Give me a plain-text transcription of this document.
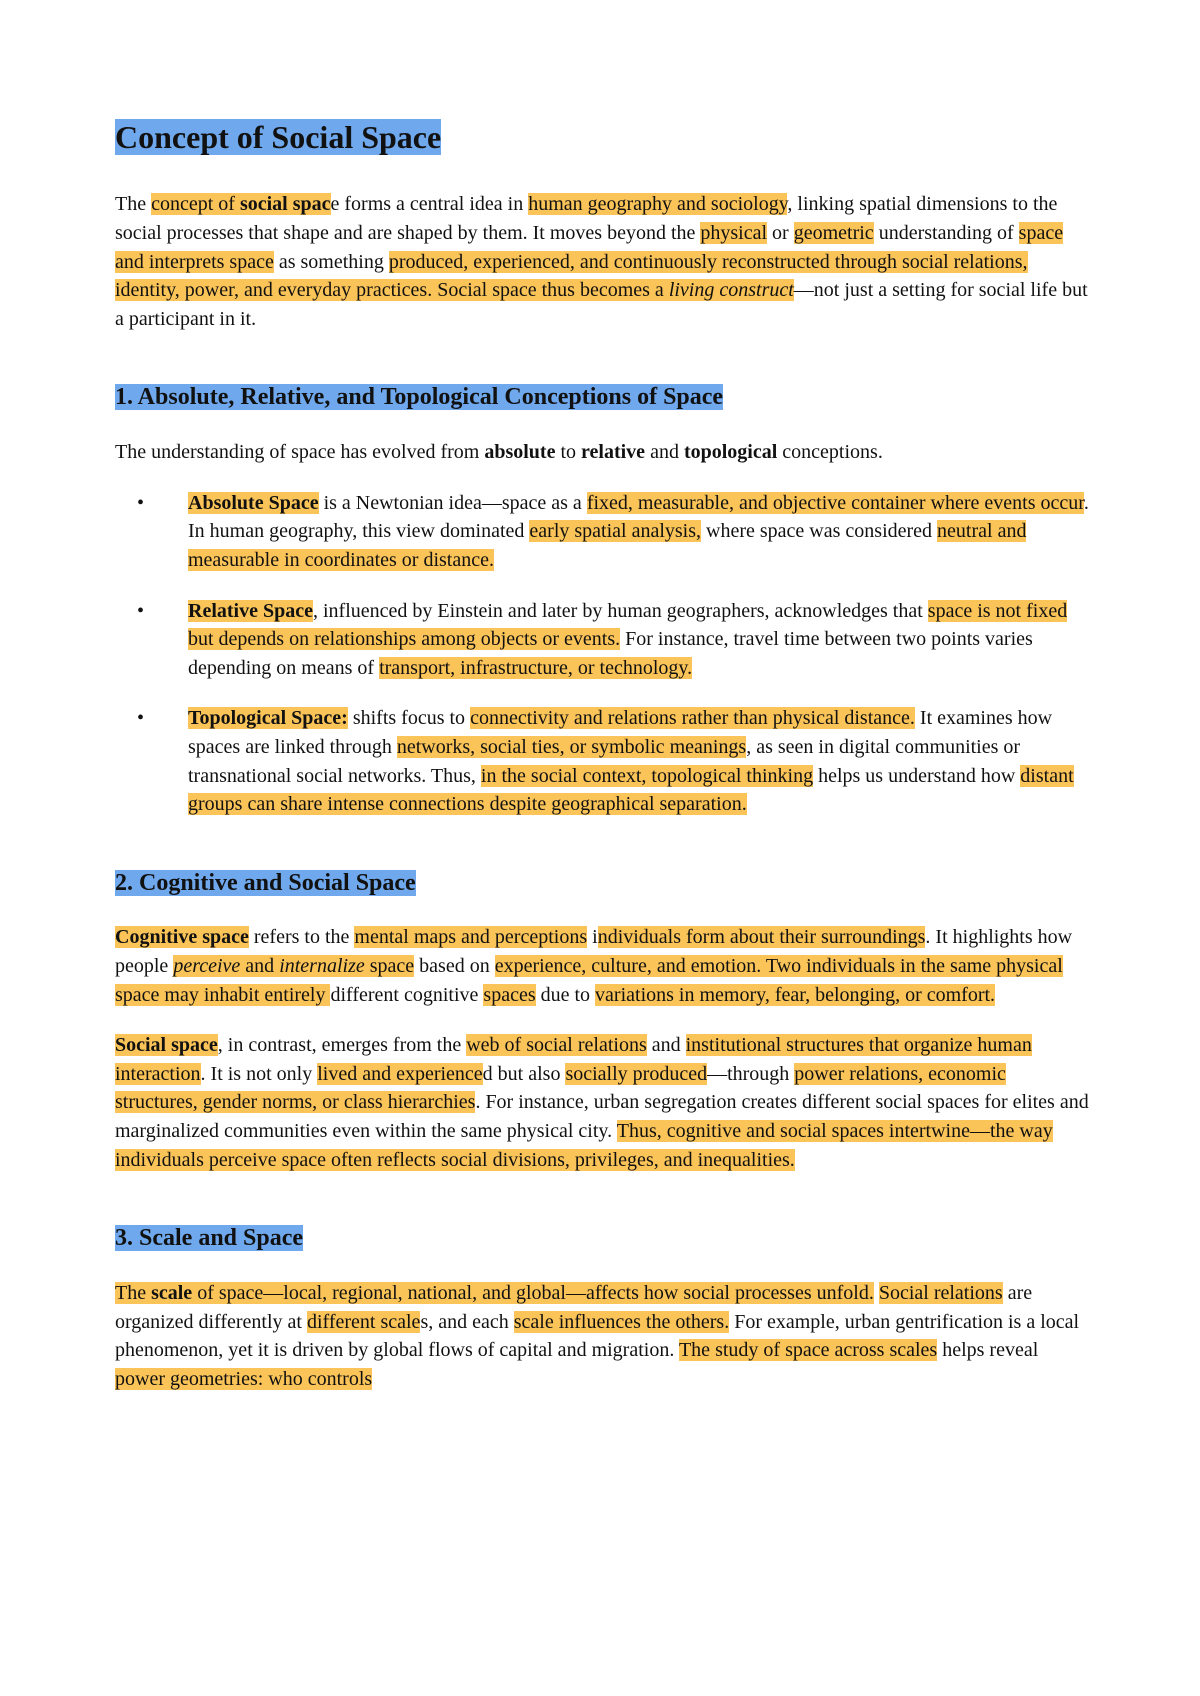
Concept of Social Space

The concept of social space forms a central idea in human geography and sociology, linking spatial dimensions to the social processes that shape and are shaped by them. It moves beyond the physical or geometric understanding of space and interprets space as something produced, experienced, and continuously reconstructed through social relations, identity, power, and everyday practices. Social space thus becomes a living construct—not just a setting for social life but a participant in it.

1. Absolute, Relative, and Topological Conceptions of Space

The understanding of space has evolved from absolute to relative and topological conceptions.

• Absolute Space is a Newtonian idea—space as a fixed, measurable, and objective container where events occur. In human geography, this view dominated early spatial analysis, where space was considered neutral and measurable in coordinates or distance.
• Relative Space, influenced by Einstein and later by human geographers, acknowledges that space is not fixed but depends on relationships among objects or events. For instance, travel time between two points varies depending on means of transport, infrastructure, or technology.
• Topological Space: shifts focus to connectivity and relations rather than physical distance. It examines how spaces are linked through networks, social ties, or symbolic meanings, as seen in digital communities or transnational social networks. Thus, in the social context, topological thinking helps us understand how distant groups can share intense connections despite geographical separation.
2. Cognitive and Social Space

Cognitive space refers to the mental maps and perceptions individuals form about their surroundings. It highlights how people perceive and internalize space based on experience, culture, and emotion. Two individuals in the same physical space may inhabit entirely different cognitive spaces due to variations in memory, fear, belonging, or comfort.

Social space, in contrast, emerges from the web of social relations and institutional structures that organize human interaction. It is not only lived and experienced but also socially produced—through power relations, economic structures, gender norms, or class hierarchies. For instance, urban segregation creates different social spaces for elites and marginalized communities even within the same physical city. Thus, cognitive and social spaces intertwine—the way individuals perceive space often reflects social divisions, privileges, and inequalities.

3. Scale and Space

The scale of space—local, regional, national, and global—affects how social processes unfold. Social relations are organized differently at different scales, and each scale influences the others. For example, urban gentrification is a local phenomenon, yet it is driven by global flows of capital and migration. The study of space across scales helps reveal power geometries: who controls
